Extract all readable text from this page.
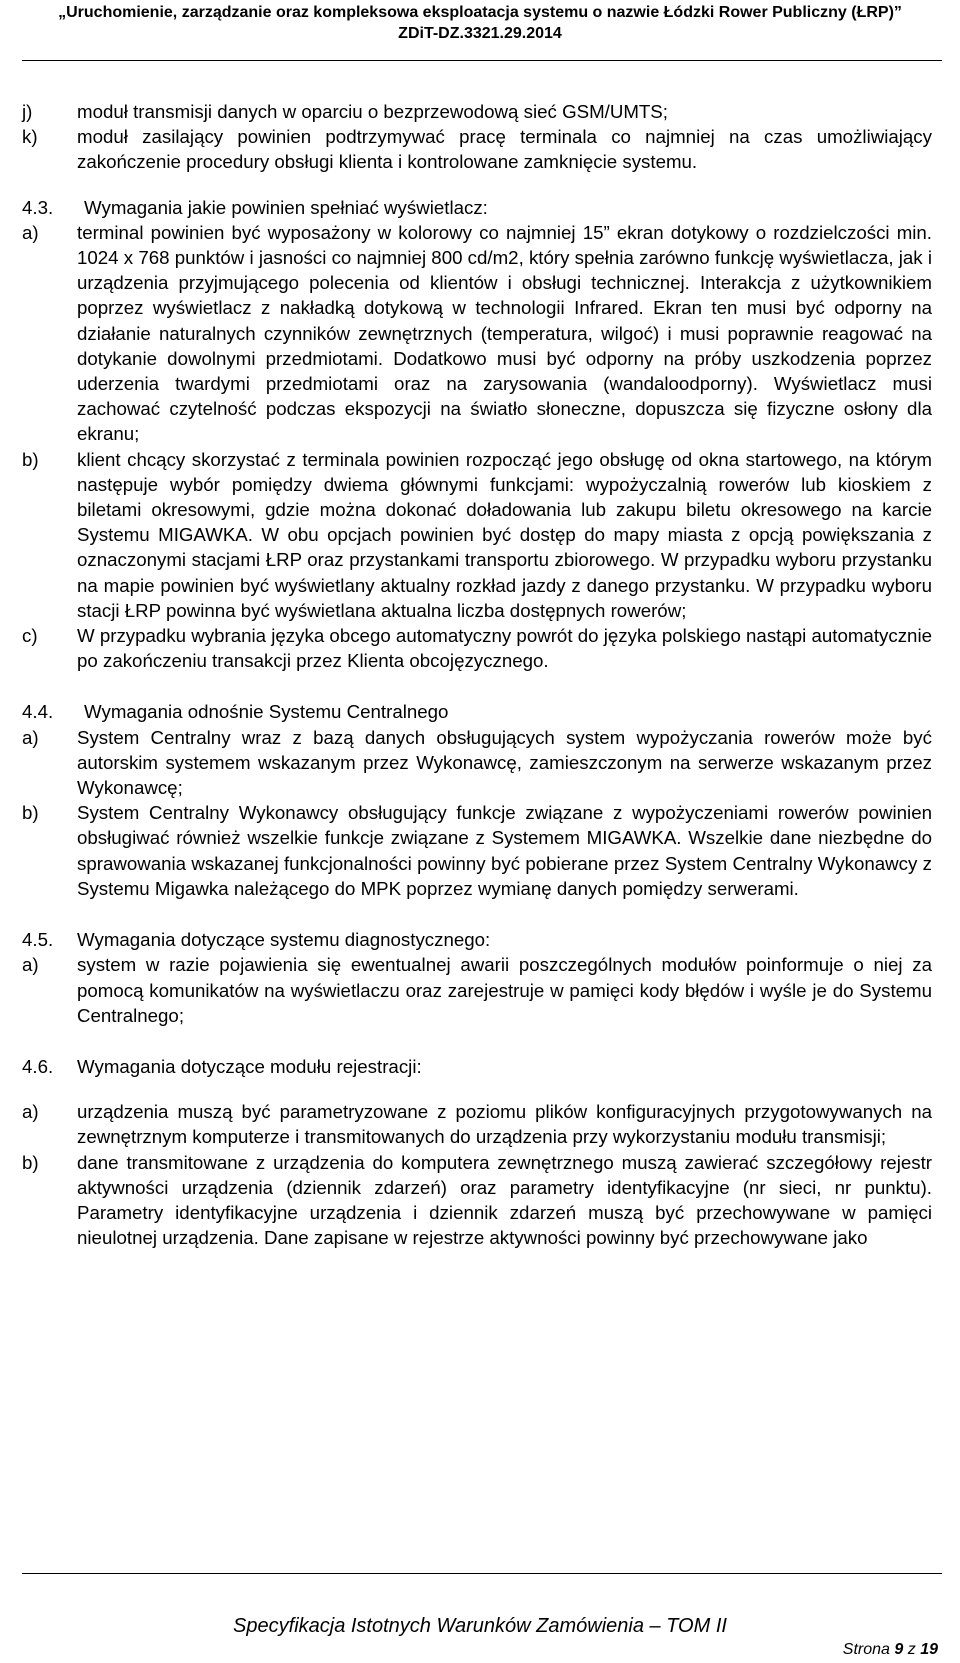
„Uruchomienie, zarządzanie oraz kompleksowa eksploatacja systemu o nazwie Łódzki Rower Publiczny (ŁRP)”
ZDiT-DZ.3321.29.2014
j)	moduł transmisji danych w oparciu o bezprzewodową sieć GSM/UMTS;
k)	moduł zasilający powinien podtrzymywać pracę terminala co najmniej na czas umożliwiający zakończenie procedury obsługi klienta i kontrolowane zamknięcie systemu.
4.3.	Wymagania jakie powinien spełniać wyświetlacz:
a)	terminal powinien być wyposażony w kolorowy co najmniej 15” ekran dotykowy o rozdzielczości min. 1024 x 768 punktów i jasności co najmniej 800 cd/m2, który spełnia zarówno funkcję wyświetlacza, jak i urządzenia przyjmującego polecenia od klientów i obsługi technicznej. Interakcja z użytkownikiem poprzez wyświetlacz z nakładką dotykową w technologii Infrared. Ekran ten musi być odporny na działanie naturalnych czynników zewnętrznych (temperatura, wilgoć) i musi poprawnie reagować na dotykanie dowolnymi przedmiotami. Dodatkowo musi być odporny na próby uszkodzenia poprzez uderzenia twardymi przedmiotami oraz na zarysowania (wandaloodporny). Wyświetlacz musi zachować czytelność podczas ekspozycji na światło słoneczne, dopuszcza się fizyczne osłony dla ekranu;
b)	klient chcący skorzystać z terminala powinien rozpocząć jego obsługę od okna startowego, na którym następuje wybór pomiędzy dwiema głównymi funkcjami: wypożyczalnią rowerów lub kioskiem z biletami okresowymi, gdzie można dokonać doładowania lub zakupu biletu okresowego na karcie Systemu MIGAWKA. W obu opcjach powinien być dostęp do mapy miasta z opcją powiększania z oznaczonymi stacjami ŁRP oraz przystankami transportu zbiorowego. W przypadku wyboru przystanku na mapie powinien być wyświetlany aktualny rozkład jazdy z danego przystanku. W przypadku wyboru stacji ŁRP powinna być wyświetlana aktualna liczba dostępnych rowerów;
c)	W przypadku wybrania języka obcego automatyczny powrót do języka polskiego nastąpi automatycznie po zakończeniu transakcji przez Klienta obcojęzycznego.
4.4.	Wymagania odnośnie Systemu Centralnego
a)	System Centralny wraz z bazą danych obsługujących system wypożyczania rowerów może być autorskim systemem wskazanym przez Wykonawcę, zamieszczonym na serwerze wskazanym przez Wykonawcę;
b)	System Centralny Wykonawcy obsługujący funkcje związane z wypożyczeniami rowerów powinien obsługiwać również wszelkie funkcje związane z Systemem MIGAWKA. Wszelkie dane niezbędne do sprawowania wskazanej funkcjonalności powinny być pobierane przez System Centralny Wykonawcy z Systemu Migawka należącego do MPK poprzez wymianę danych pomiędzy serwerami.
4.5.	Wymagania dotyczące systemu diagnostycznego:
a)	system w razie pojawienia się ewentualnej awarii poszczególnych modułów poinformuje o niej za pomocą komunikatów na wyświetlaczu oraz zarejestruje w pamięci kody błędów i wyśle je do Systemu Centralnego;
4.6.	Wymagania dotyczące modułu rejestracji:
a)	urządzenia muszą być parametryzowane z poziomu plików konfiguracyjnych przygotowywanych na zewnętrznym komputerze i transmitowanych do urządzenia przy wykorzystaniu modułu transmisji;
b)	dane transmitowane z urządzenia do komputera zewnętrznego muszą zawierać szczegółowy rejestr aktywności urządzenia (dziennik zdarzeń) oraz parametry identyfikacyjne (nr sieci, nr punktu). Parametry identyfikacyjne urządzenia i dziennik zdarzeń muszą być przechowywane w pamięci nieulotnej urządzenia. Dane zapisane w rejestrze aktywności powinny być przechowywane jako
Specyfikacja Istotnych Warunków Zamówienia – TOM II
Strona 9 z 19
